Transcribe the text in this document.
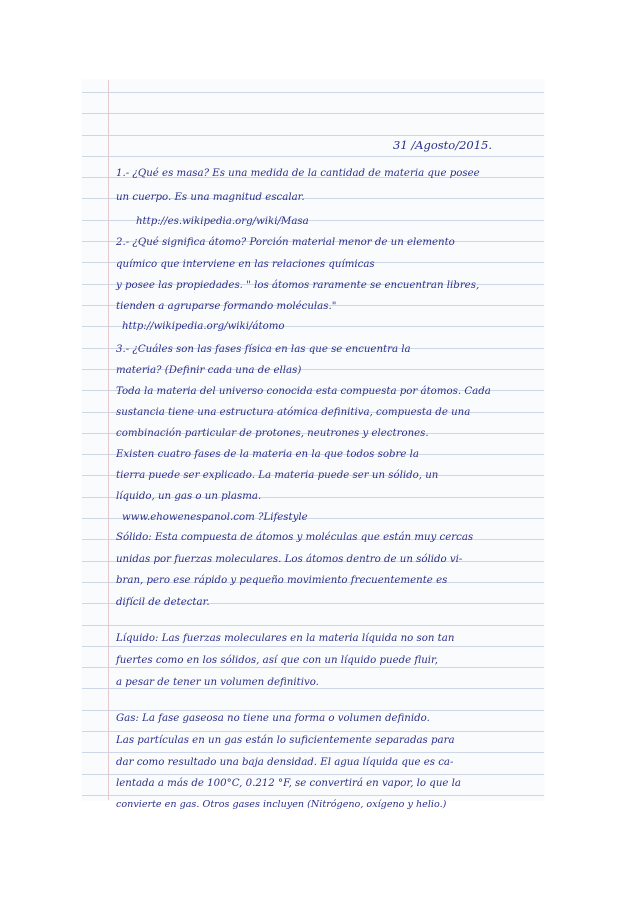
31 /Agosto/2015.
1.- ¿Qué es masa? Es una medida de la cantidad de materia que posee
un cuerpo. Es una magnitud escalar.
http://es.wikipedia.org/wiki/Masa
2.- ¿Qué significa átomo? Porción material menor de un elemento
químico que interviene en las relaciones químicas
y posee las propiedades. " los átomos raramente se encuentran libres,
tienden a agruparse formando moléculas."
http://wikipedia.org/wiki/átomo
3.- ¿Cuáles son las fases física en las que se encuentra la
materia? (Definir cada una de ellas)
Toda la materia del universo conocida esta compuesta por átomos. Cada
sustancia tiene una estructura atómica definitiva, compuesta de una
combinación particular de protones, neutrones y electrones.
Existen cuatro fases de la materia en la que todos sobre la
tierra puede ser explicado. La materia puede ser un sólido, un
líquido, un gas o un plasma.
www.ehowenespanol.com ?Lifestyle
Sólido: Esta compuesta de átomos y moléculas que están muy cercas
unidas por fuerzas moleculares. Los átomos dentro de un sólido vi-
bran, pero ese rápido y pequeño movimiento frecuentemente es
difícil de detectar.
Líquido: Las fuerzas moleculares en la materia líquida no son tan
fuertes como en los sólidos, así que con un líquido puede fluir,
a pesar de tener un volumen definitivo.
Gas: La fase gaseosa no tiene una forma o volumen definido.
Las partículas en un gas están lo suficientemente separadas para
dar como resultado una baja densidad. El agua líquida que es ca-
lentada a más de 100°C, 0.212 °F, se convertirá en vapor, lo que la
convierte en gas. Otros gases incluyen (Nitrógeno, oxígeno y helio.)
